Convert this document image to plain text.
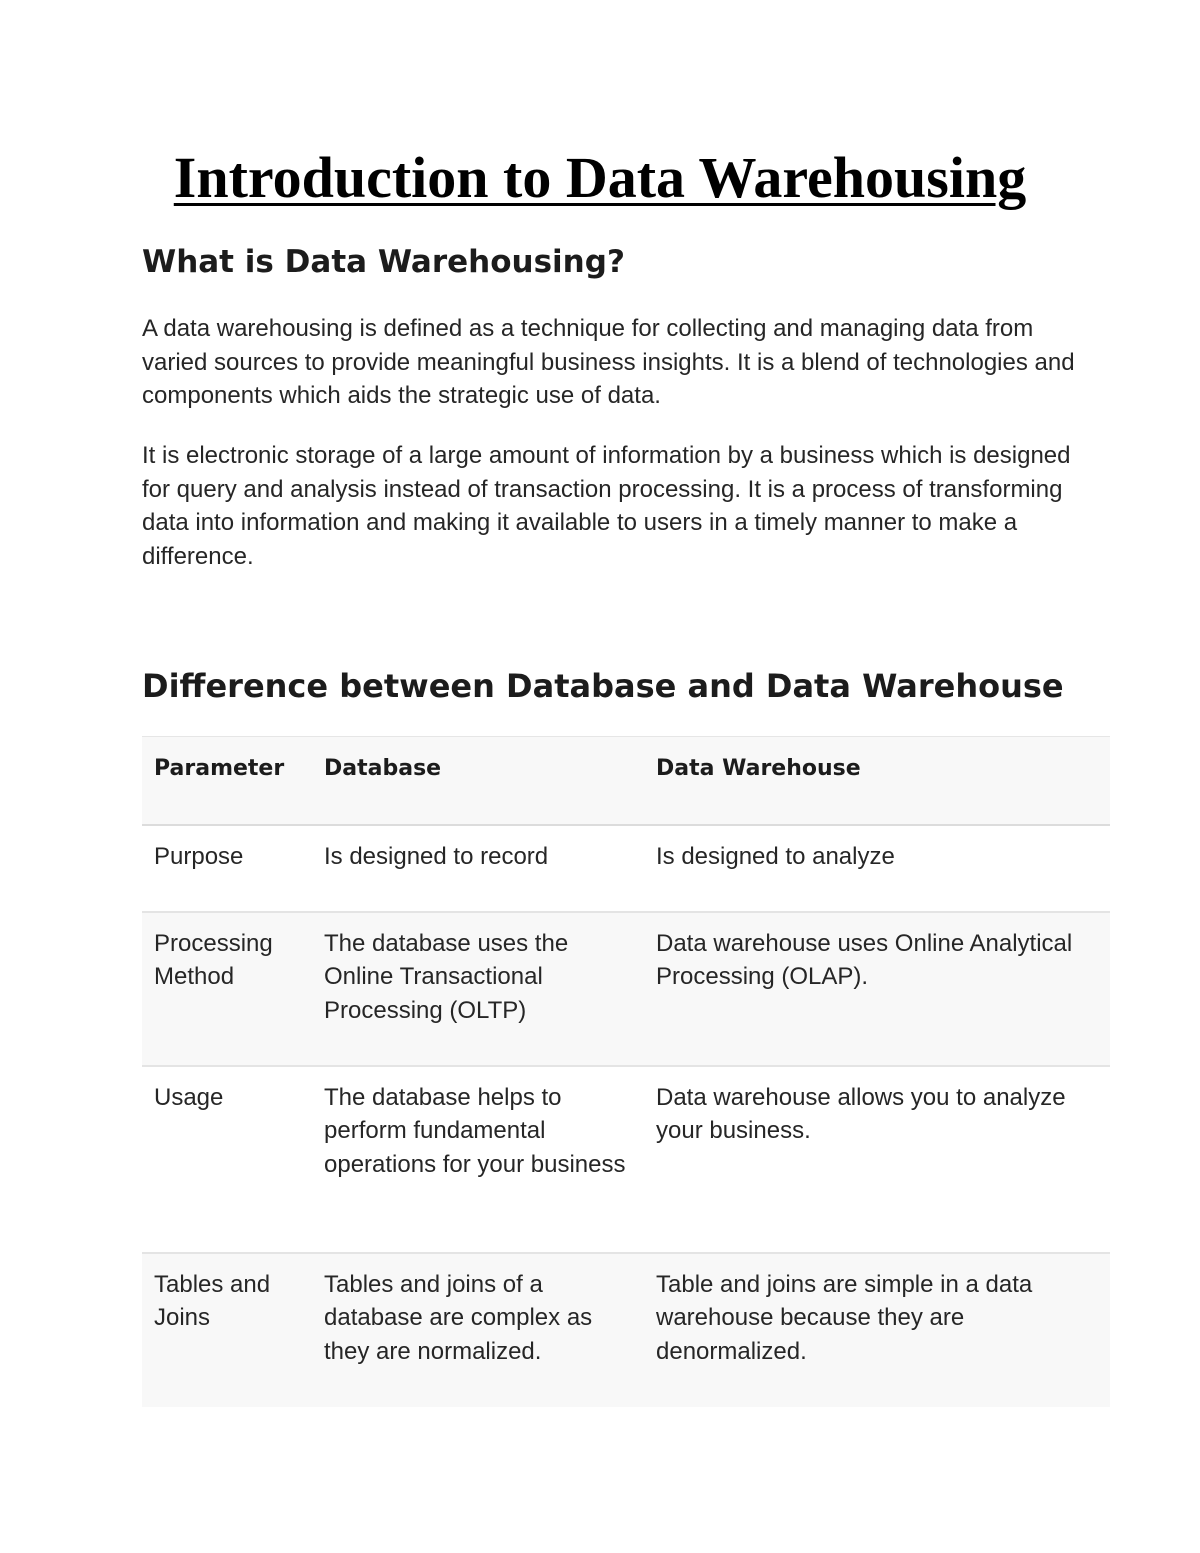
Introduction to Data Warehousing
What is Data Warehousing?

A data warehousing is defined as a technique for collecting and managing data from varied sources to provide meaningful business insights. It is a blend of technologies and components which aids the strategic use of data.

It is electronic storage of a large amount of information by a business which is designed for query and analysis instead of transaction processing. It is a process of transforming data into information and making it available to users in a timely manner to make a difference.

Difference between Database and Data Warehouse
Parameter	Database	Data Warehouse
Purpose	Is designed to record	Is designed to analyze
Processing Method	The database uses the Online Transactional Processing (OLTP)	Data warehouse uses Online Analytical Processing (OLAP).
Usage	The database helps to perform fundamental operations for your business	Data warehouse allows you to analyze your business.
Tables and Joins	Tables and joins of a database are complex as they are normalized.	Table and joins are simple in a data warehouse because they are denormalized.
